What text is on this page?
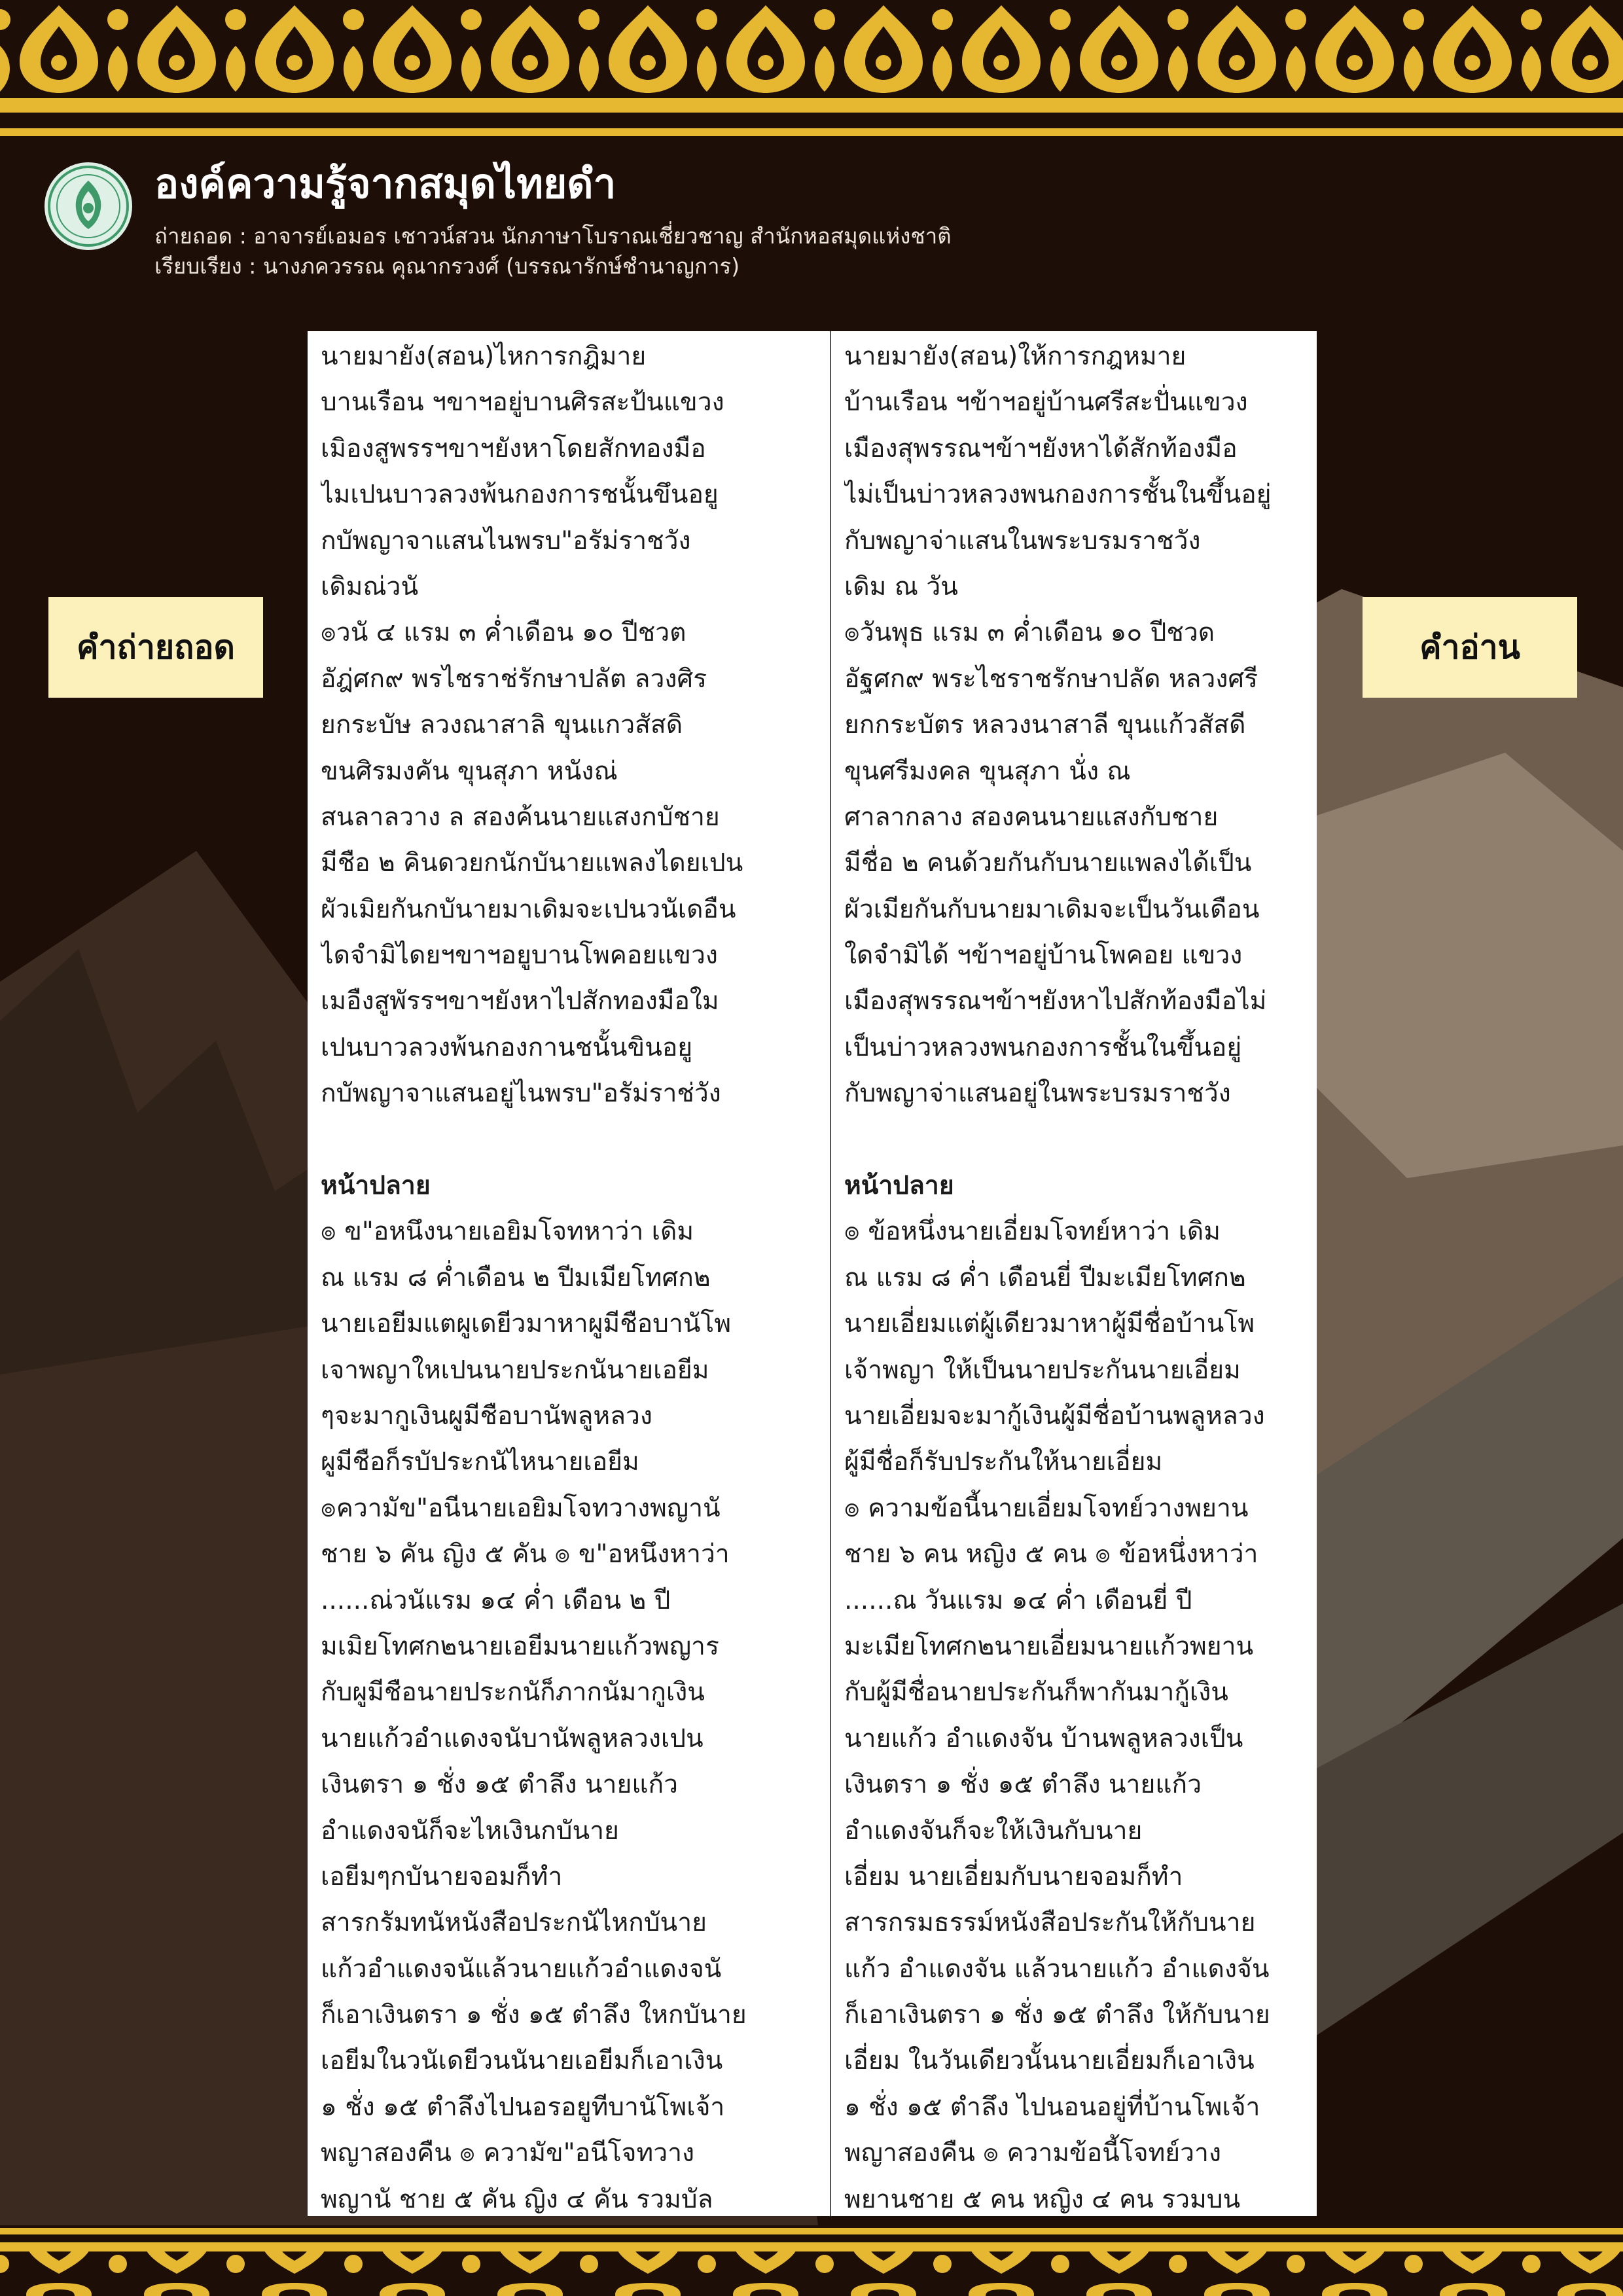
องค์ความรู้จากสมุดไทยดำ

ถ่ายถอด : อาจารย์เอมอร เชาวน์สวน นักภาษาโบราณเชี่ยวชาญ สำนักหอสมุดแห่งชาติ

เรียบเรียง : นางภควรรณ คุณากรวงศ์ (บรรณารักษ์ชำนาญการ)

คำถ่ายถอด	คำอ่าน
นายมายัง(สอน)ไหการกฎิมาย
บานเรือน ฯขาฯอยู่บานศิรสะป้นแขวง
เมิองสูพรรฯขาฯยังหาโดยสักทองมือ
ไมเปนบาวลวงพ้นกองการชนั้นขึนอยู
กบัพญาจาแสนไนพรบ"อรัม่ราชวัง
เดิมณ่วนั
๏วนั ๔ แรม ๓ ค่ำเดือน ๑๐ ปีชวต
อัฎ่ศก๙ พรไชราช่รักษาปลัต ลวงศิร
ยกระบัษ ลวงณาสาลิ ขุนแกวสัสดิ
ขนศิรมงคัน ขุนสุภา หนังณ่
สนลาลวาง ล สองค้นนายแสงกบัชาย
มีชือ ๒ คินดวยกนักบันายแพลงไดยเปน
ผัวเมิยกันกบันายมาเดิมจะเปนวนัเดอืน
ไดจำมิไดยฯขาฯอยูบานโพคอยแขวง
เมอืงสูพัรรฯขาฯยังหาไปสักทองมือใม
เปนบาวลวงพ้นกองกานชนั้นขินอยู
กบัพญาจาแสนอยู่ไนพรบ"อรัม่ราช่วัง
หน้าปลาย
๏ ข"อหนึงนายเอยิมโจทหาว่า เดิม
ณ แรม ๘ ค่ำเดือน ๒ ปีมเมียโทศก๒
นายเอยีมแตผูเดยีวมาหาผูมีชือบานัโพ
เจาพญาใหเปนนายประกนันายเอยีม
ๆจะมากูเงินผูมีชือบานัพลูหลวง
ผูมีชือก็รบัประกนัไหนายเอยีม
๏ความัข"อนีนายเอยิมโจทวางพญานั
ชาย ๖ คัน ญิง ๕ คัน ๏ ข"อหนึงหาว่า
......ณ่วนัแรม ๑๔ ค่ำ เดือน ๒ ปี
มเมิยโทศก๒นายเอยีมนายแก้วพญาร
กับผูมีชือนายประกนัก็ภากนัมากูเงิน
นายแก้วอำแดงจนับานัพลูหลวงเปน
เงินตรา ๑ ชั่ง ๑๕ ตำลึง นายแก้ว
อำแดงจนัก็จะไหเงินกบันาย
เอยีมๆกบันายจอมก็ทำ
สารกรัมทนัหนังสือประกนัไหกบันาย
แก้วอำแดงจนัแล้วนายแก้วอำแดงจนั
ก็เอาเงินตรา ๑ ชั่ง ๑๕ ตำลึง ใหกบันาย
เอยีมในวนัเดยีวนนันายเอยีมก็เอาเงิน
๑ ชั่ง ๑๕ ตำลึงไปนอรอยูทีบานัโพเจ้า
พญาสองคืน ๏ ความัข"อนีโจทวาง
พญานั ชาย ๕ คัน ญิง ๔ คัน รวมบัล
นายมายัง(สอน)ให้การกฎหมาย
บ้านเรือน ฯข้าฯอยู่บ้านศรีสะปั่นแขวง
เมืองสุพรรณฯข้าฯยังหาได้สักท้องมือ
ไม่เป็นบ่าวหลวงพนกองการชั้นในขึ้นอยู่
กับพญาจ่าแสนในพระบรมราชวัง
เดิม ณ วัน
๏วันพุธ แรม ๓ ค่ำเดือน ๑๐ ปีชวด
อัฐศก๙ พระไชราชรักษาปลัด หลวงศรี
ยกกระบัตร หลวงนาสาลี ขุนแก้วสัสดี
ขุนศรีมงคล ขุนสุภา นั่ง ณ
ศาลากลาง สองคนนายแสงกับชาย
มีชื่อ ๒ คนด้วยกันกับนายแพลงได้เป็น
ผัวเมียกันกับนายมาเดิมจะเป็นวันเดือน
ใดจำมิได้ ฯข้าฯอยู่บ้านโพคอย แขวง
เมืองสุพรรณฯข้าฯยังหาไปสักท้องมือไม่
เป็นบ่าวหลวงพนกองการชั้นในขึ้นอยู่
กับพญาจ่าแสนอยู่ในพระบรมราชวัง
หน้าปลาย
๏ ข้อหนึ่งนายเอี่ยมโจทย์หาว่า เดิม
ณ แรม ๘ ค่ำ เดือนยี่ ปีมะเมียโทศก๒
นายเอี่ยมแต่ผู้เดียวมาหาผู้มีชื่อบ้านโพ
เจ้าพญา ให้เป็นนายประกันนายเอี่ยม
นายเอี่ยมจะมากู้เงินผู้มีชื่อบ้านพลูหลวง
ผู้มีชื่อก็รับประกันให้นายเอี่ยม
๏ ความข้อนี้นายเอี่ยมโจทย์วางพยาน
ชาย ๖ คน หญิง ๕ คน ๏ ข้อหนึ่งหาว่า
......ณ วันแรม ๑๔ ค่ำ เดือนยี่ ปี
มะเมียโทศก๒นายเอี่ยมนายแก้วพยาน
กับผู้มีชื่อนายประกันก็พากันมากู้เงิน
นายแก้ว อำแดงจัน บ้านพลูหลวงเป็น
เงินตรา ๑ ชั่ง ๑๕ ตำลึง นายแก้ว
อำแดงจันก็จะให้เงินกับนาย
เอี่ยม นายเอี่ยมกับนายจอมก็ทำ
สารกรมธรรม์หนังสือประกันให้กับนาย
แก้ว อำแดงจัน แล้วนายแก้ว อำแดงจัน
ก็เอาเงินตรา ๑ ชั่ง ๑๕ ตำลึง ให้กับนาย
เอี่ยม ในวันเดียวนั้นนายเอี่ยมก็เอาเงิน
๑ ชั่ง ๑๕ ตำลึง ไปนอนอยู่ที่บ้านโพเจ้า
พญาสองคืน ๏ ความข้อนี้โจทย์วาง
พยานชาย ๕ คน หญิง ๔ คน รวมบน
